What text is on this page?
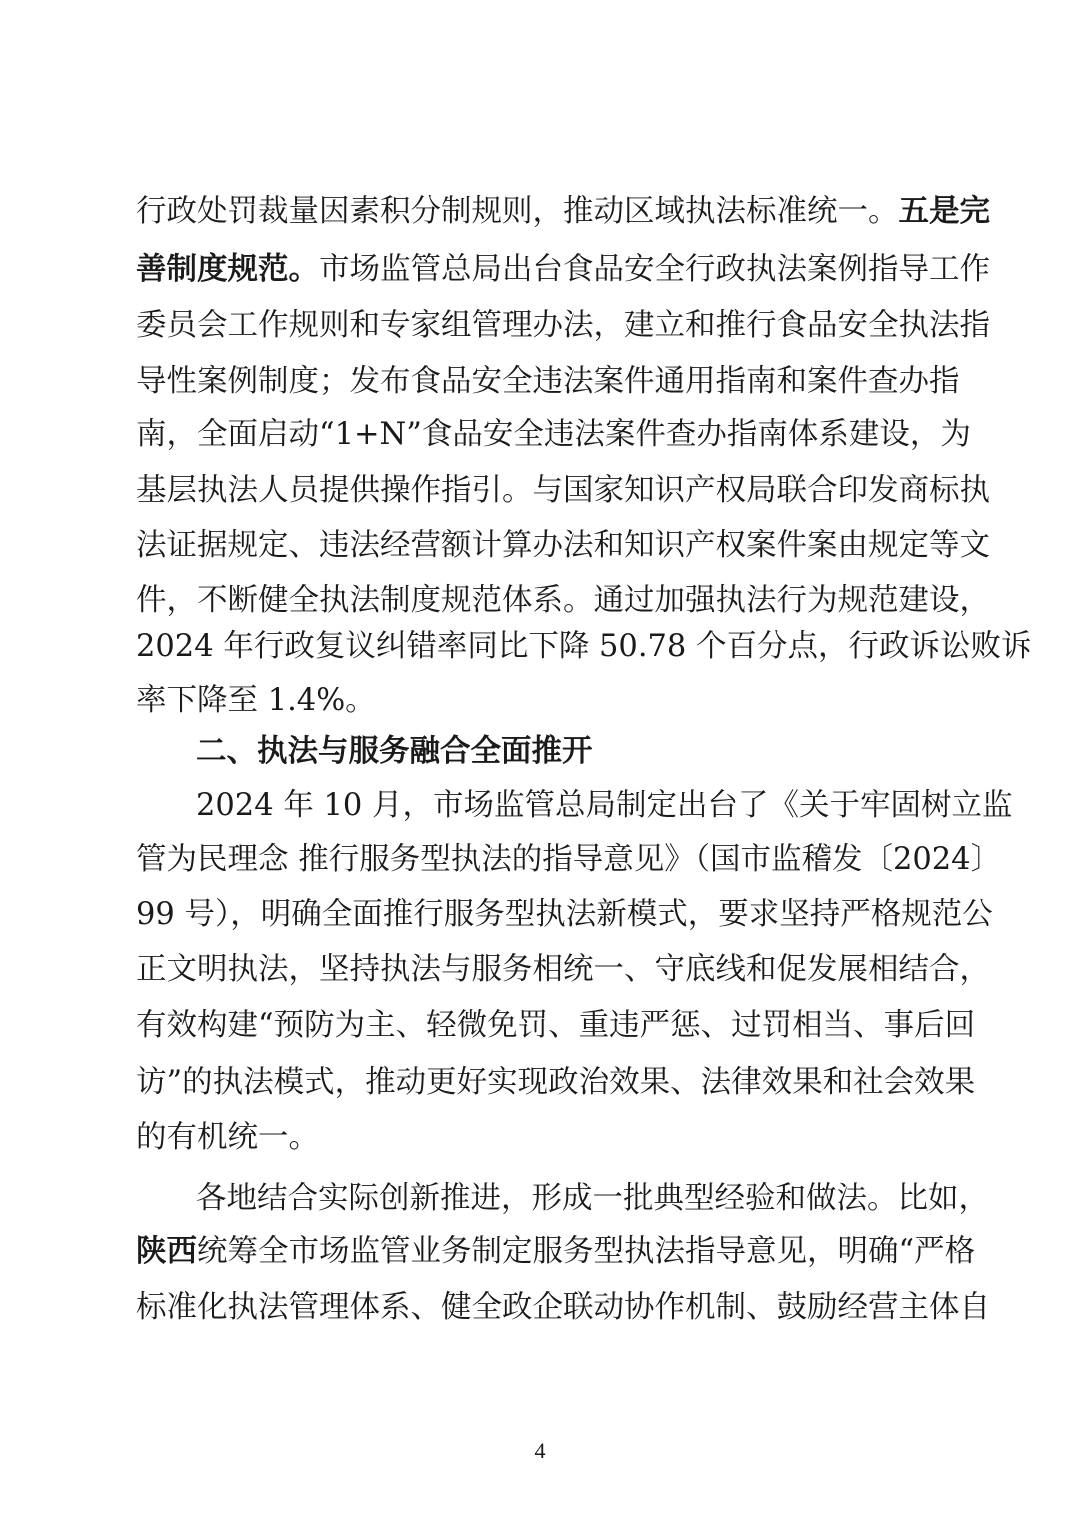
行政处罚裁量因素积分制规则，推动区域执法标准统一。五是完
善制度规范。市场监管总局出台食品安全行政执法案例指导工作
委员会工作规则和专家组管理办法，建立和推行食品安全执法指
导性案例制度；发布食品安全违法案件通用指南和案件查办指
南，全面启动“1+N”食品安全违法案件查办指南体系建设，为
基层执法人员提供操作指引。与国家知识产权局联合印发商标执
法证据规定、违法经营额计算办法和知识产权案件案由规定等文
件，不断健全执法制度规范体系。通过加强执法行为规范建设，
2024 年行政复议纠错率同比下降 50.78 个百分点，行政诉讼败诉
率下降至 1.4%。
二、执法与服务融合全面推开
2024 年 10 月，市场监管总局制定出台了《关于牢固树立监
管为民理念 推行服务型执法的指导意见》（国市监稽发〔2024〕
99 号），明确全面推行服务型执法新模式，要求坚持严格规范公
正文明执法，坚持执法与服务相统一、守底线和促发展相结合，
有效构建“预防为主、轻微免罚、重违严惩、过罚相当、事后回
访”的执法模式，推动更好实现政治效果、法律效果和社会效果
的有机统一。
各地结合实际创新推进，形成一批典型经验和做法。比如，
陕西统筹全市场监管业务制定服务型执法指导意见，明确“严格
标准化执法管理体系、健全政企联动协作机制、鼓励经营主体自
4
